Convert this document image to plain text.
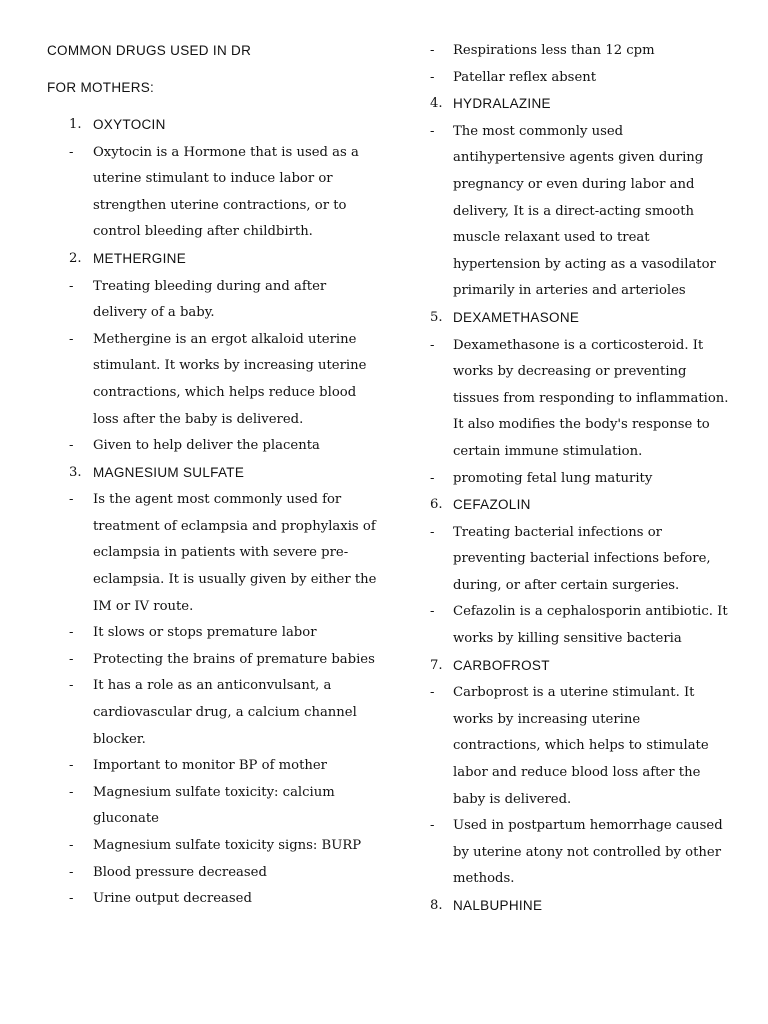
COMMON DRUGS USED IN DR
FOR MOTHERS:
1. OXYTOCIN
-	Oxytocin is a Hormone that is used as a uterine stimulant to induce labor or strengthen uterine contractions, or to control bleeding after childbirth.
2. METHERGINE
-	Treating bleeding during and after delivery of a baby.
-	Methergine is an ergot alkaloid uterine stimulant. It works by increasing uterine contractions, which helps reduce blood loss after the baby is delivered.
-	Given to help deliver the placenta
3. MAGNESIUM SULFATE
-	Is the agent most commonly used for treatment of eclampsia and prophylaxis of eclampsia in patients with severe pre-eclampsia. It is usually given by either the IM or IV route.
-	It slows or stops premature labor
-	Protecting the brains of premature babies
-	It has a role as an anticonvulsant, a cardiovascular drug, a calcium channel blocker.
-	Important to monitor BP of mother
-	Magnesium sulfate toxicity: calcium gluconate
-	Magnesium sulfate toxicity signs: BURP
-	Blood pressure decreased
-	Urine output decreased
-	Respirations less than 12 cpm
-	Patellar reflex absent
4. HYDRALAZINE
-	The most commonly used antihypertensive agents given during pregnancy or even during labor and delivery, It is a direct-acting smooth muscle relaxant used to treat hypertension by acting as a vasodilator primarily in arteries and arterioles
5. DEXAMETHASONE
-	Dexamethasone is a corticosteroid. It works by decreasing or preventing tissues from responding to inflammation. It also modifies the body's response to certain immune stimulation.
-	promoting fetal lung maturity
6. CEFAZOLIN
-	Treating bacterial infections or preventing bacterial infections before, during, or after certain surgeries.
-	Cefazolin is a cephalosporin antibiotic. It works by killing sensitive bacteria
7. CARBOFROST
-	Carboprost is a uterine stimulant. It works by increasing uterine contractions, which helps to stimulate labor and reduce blood loss after the baby is delivered.
-	Used in postpartum hemorrhage caused by uterine atony not controlled by other methods.
8. NALBUPHINE
